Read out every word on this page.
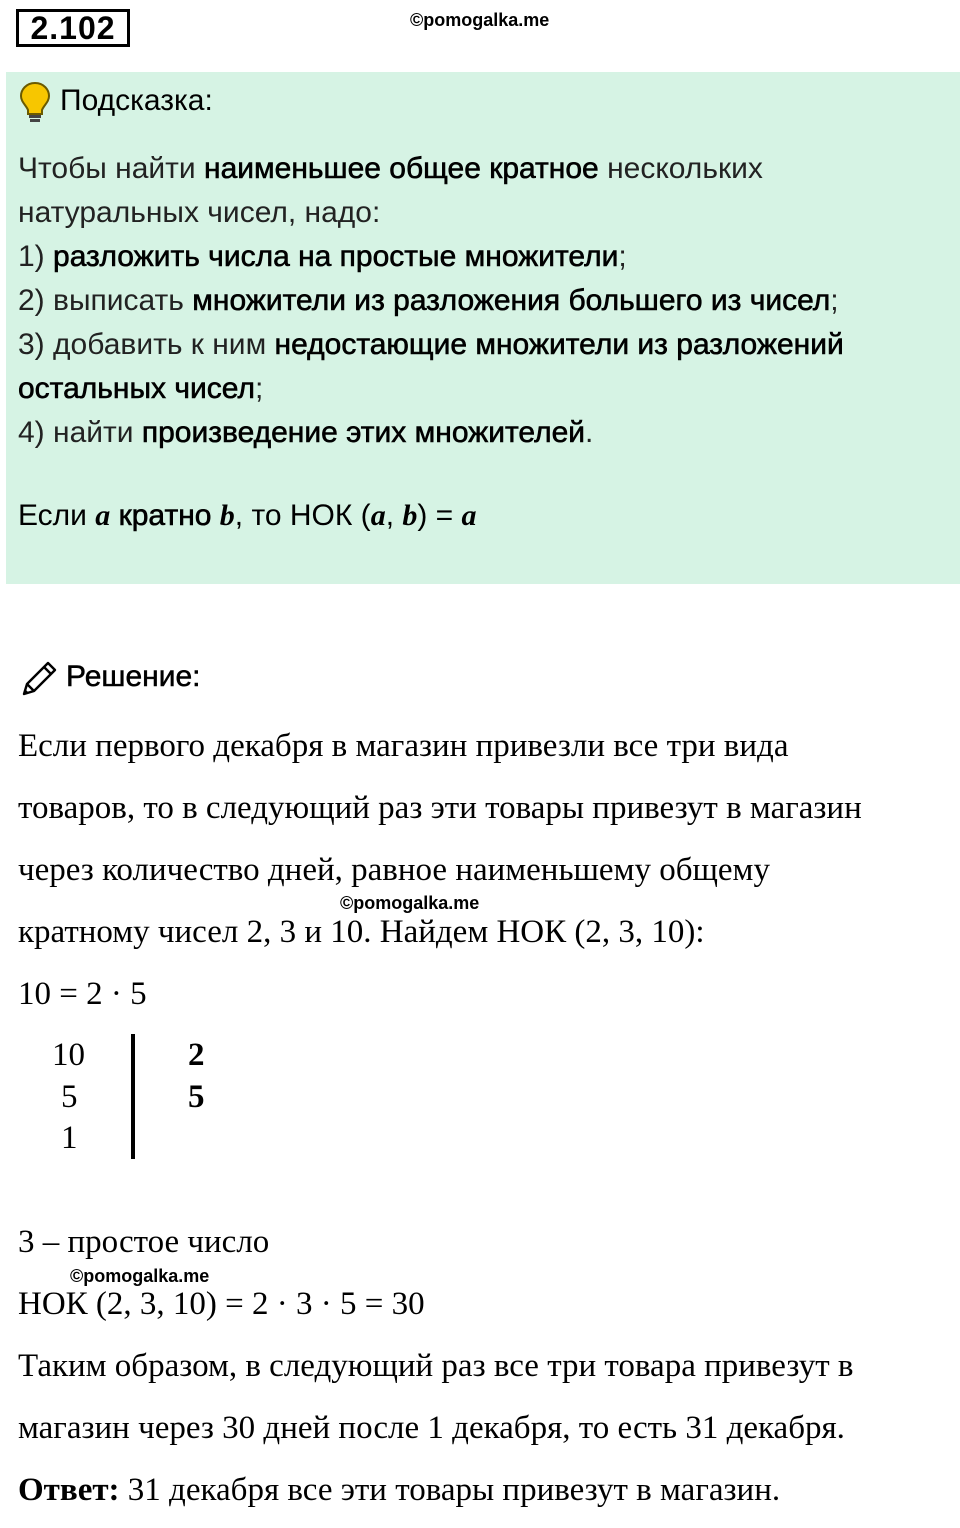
2.102	©pomogalka.me
Подсказка:
Чтобы найти наименьшее общее кратное нескольких натуральных чисел, надо:
1) разложить числа на простые множители;
2) выписать множители из разложения большего из чисел;
3) добавить к ним недостающие множители из разложений остальных чисел;
4) найти произведение этих множителей.
Если a кратно b, то НОК (a, b) = a
Решение:
Если первого декабря в магазин привезли все три вида
товаров, то в следующий раз эти товары привезут в магазин
через количество дней, равное наименьшему общему
©pomogalka.me
кратному чисел 2, 3 и 10. Найдем НОК (2, 3, 10):
10 = 2 · 5
10
5
1
2
5
3 – простое число
©pomogalka.me
НОК (2, 3, 10) = 2 · 3 · 5 = 30
Таким образом, в следующий раз все три товара привезут в
магазин через 30 дней после 1 декабря, то есть 31 декабря.
Ответ: 31 декабря все эти товары привезут в магазин.
